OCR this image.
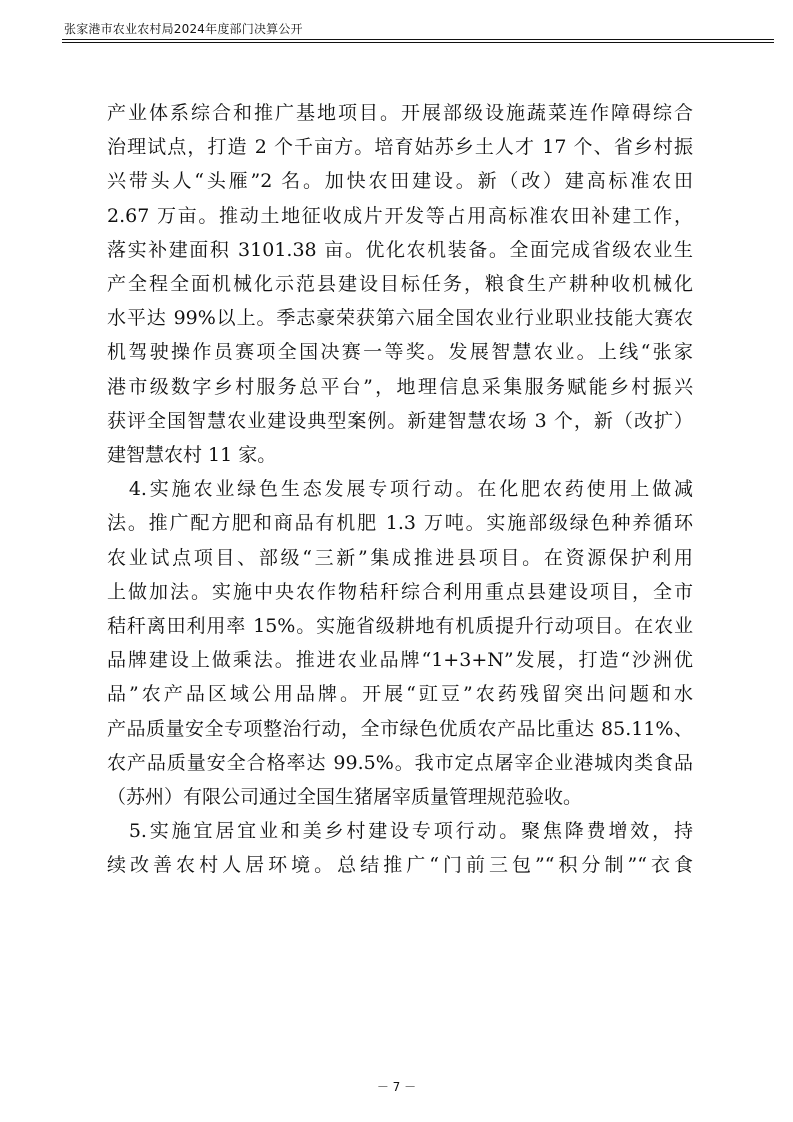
张家港市农业农村局2024年度部门决算公开

产业体系综合和推广基地项目。开展部级设施蔬菜连作障碍综合
治理试点，打造 2 个千亩方。培育姑苏乡土人才 17 个、省乡村振
兴带头人“头雁”2 名。加快农田建设。新（改）建高标准农田
2.67 万亩。推动土地征收成片开发等占用高标准农田补建工作，
落实补建面积 3101.38 亩。优化农机装备。全面完成省级农业生
产全程全面机械化示范县建设目标任务，粮食生产耕种收机械化
水平达 99%以上。季志豪荣获第六届全国农业行业职业技能大赛农
机驾驶操作员赛项全国决赛一等奖。发展智慧农业。上线“张家
港市级数字乡村服务总平台”，地理信息采集服务赋能乡村振兴
获评全国智慧农业建设典型案例。新建智慧农场 3 个，新（改扩）
建智慧农村 11 家。

　4.实施农业绿色生态发展专项行动。在化肥农药使用上做减
法。推广配方肥和商品有机肥 1.3 万吨。实施部级绿色种养循环
农业试点项目、部级“三新”集成推进县项目。在资源保护利用
上做加法。实施中央农作物秸秆综合利用重点县建设项目，全市
秸秆离田利用率 15%。实施省级耕地有机质提升行动项目。在农业
品牌建设上做乘法。推进农业品牌“1+3+N”发展，打造“沙洲优
品”农产品区域公用品牌。开展“豇豆”农药残留突出问题和水
产品质量安全专项整治行动，全市绿色优质农产品比重达 85.11%、
农产品质量安全合格率达 99.5%。我市定点屠宰企业港城肉类食品
（苏州）有限公司通过全国生猪屠宰质量管理规范验收。

　5.实施宜居宜业和美乡村建设专项行动。聚焦降费增效，持
续改善农村人居环境。总结推广“门前三包”“积分制”“衣食

－ 7 －
